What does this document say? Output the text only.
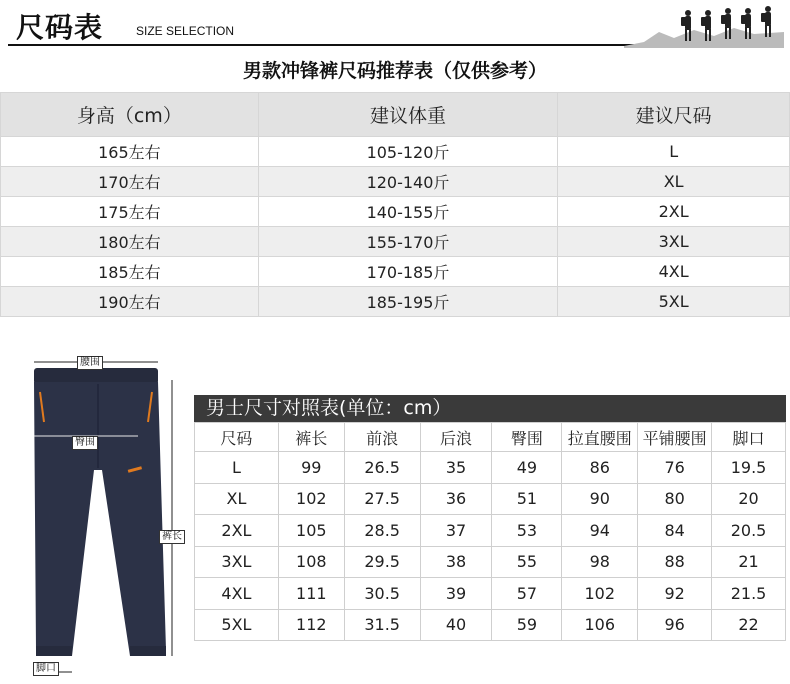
尺码表	SIZE SELECTION
男款冲锋裤尺码推荐表（仅供参考）
身高（cm）	建议体重	建议尺码
165左右	105-120斤	L
170左右	120-140斤	XL
175左右	140-155斤	2XL
180左右	155-170斤	3XL
185左右	170-185斤	4XL
190左右	185-195斤	5XL
腰围
臀围
裤长
脚口
男士尺寸对照表(单位：cm）
尺码	裤长	前浪	后浪	臀围	拉直腰围	平铺腰围	脚口
L	99	26.5	35	49	86	76	19.5
XL	102	27.5	36	51	90	80	20
2XL	105	28.5	37	53	94	84	20.5
3XL	108	29.5	38	55	98	88	21
4XL	111	30.5	39	57	102	92	21.5
5XL	112	31.5	40	59	106	96	22
